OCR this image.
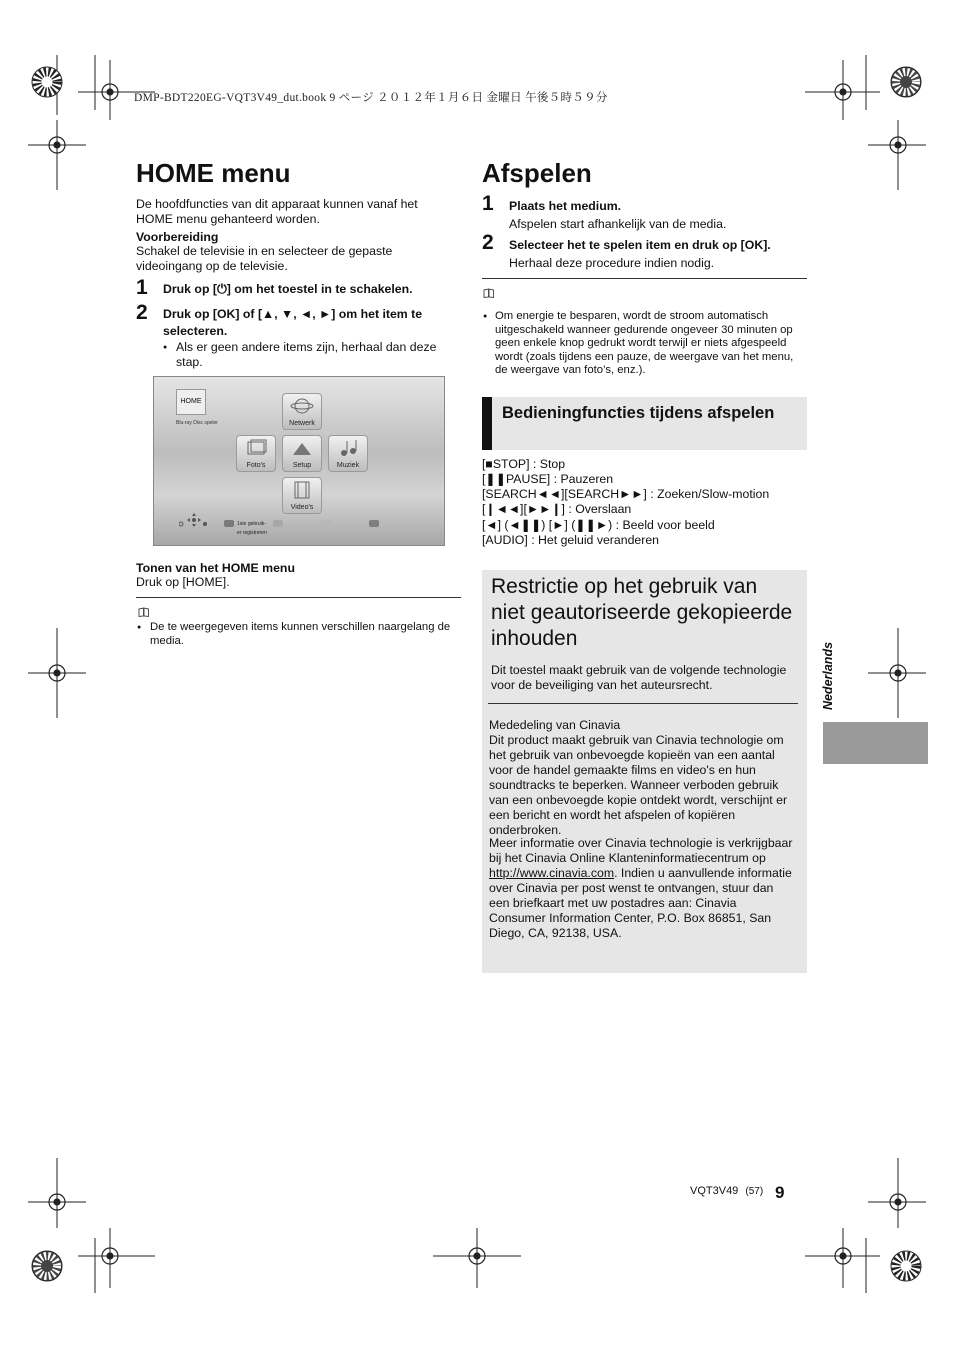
DMP-BDT220EG-VQT3V49_dut.book 9 ページ ２０１２年１月６日 金曜日 午後５時５９分
HOME menu
De hoofdfuncties van dit apparaat kunnen vanaf het HOME menu gehanteerd worden.
Voorbereiding
Schakel de televisie in en selecteer de gepaste videoingang op de televisie.
1 Druk op [⏻] om het toestel in te schakelen.
2 Druk op [OK] of [▲, ▼, ◄, ►] om het item te selecteren.
● Als er geen andere items zijn, herhaal dan deze stap.
HOME
Blu-ray Disc speler	Netwerk
Foto's	Setup	Muziek
Video's
1ste gebruik-
er registreren
Tonen van het HOME menu
Druk op [HOME].
● De te weergegeven items kunnen verschillen naargelang de media.
Afspelen
1 Plaats het medium.
Afspelen start afhankelijk van de media.
2 Selecteer het te spelen item en druk op [OK].
Herhaal deze procedure indien nodig.
● Om energie te besparen, wordt de stroom automatisch uitgeschakeld wanneer gedurende ongeveer 30 minuten op geen enkele knop gedrukt wordt terwijl er niets afgespeeld wordt (zoals tijdens een pauze, de weergave van het menu, de weergave van foto’s, enz.).
Bedieningfuncties tijdens afspelen
[■STOP] : Stop
[❚❚PAUSE] : Pauzeren
[SEARCH◄◄][SEARCH►►] : Zoeken/Slow-motion
[❙◄◄][►►❙] : Overslaan
[◄] (◄❚❚) [►] (❚❚►) : Beeld voor beeld
[AUDIO] : Het geluid veranderen
Restrictie op het gebruik van niet geautoriseerde gekopieerde inhouden
Dit toestel maakt gebruik van de volgende technologie voor de beveiliging van het auteursrecht.
Mededeling van Cinavia
Dit product maakt gebruik van Cinavia technologie om het gebruik van onbevoegde kopieën van een aantal voor de handel gemaakte films en video's en hun soundtracks te beperken. Wanneer verboden gebruik van een onbevoegde kopie ontdekt wordt, verschijnt er een bericht en wordt het afspelen of kopiëren onderbroken.
Meer informatie over Cinavia technologie is verkrijgbaar bij het Cinavia Online Klanteninformatiecentrum op http://www.cinavia.com. Indien u aanvullende informatie over Cinavia per post wenst te ontvangen, stuur dan een briefkaart met uw postadres aan: Cinavia Consumer Information Center, P.O. Box 86851, San Diego, CA, 92138, USA.
Nederlands
VQT3V49 (57) 9
